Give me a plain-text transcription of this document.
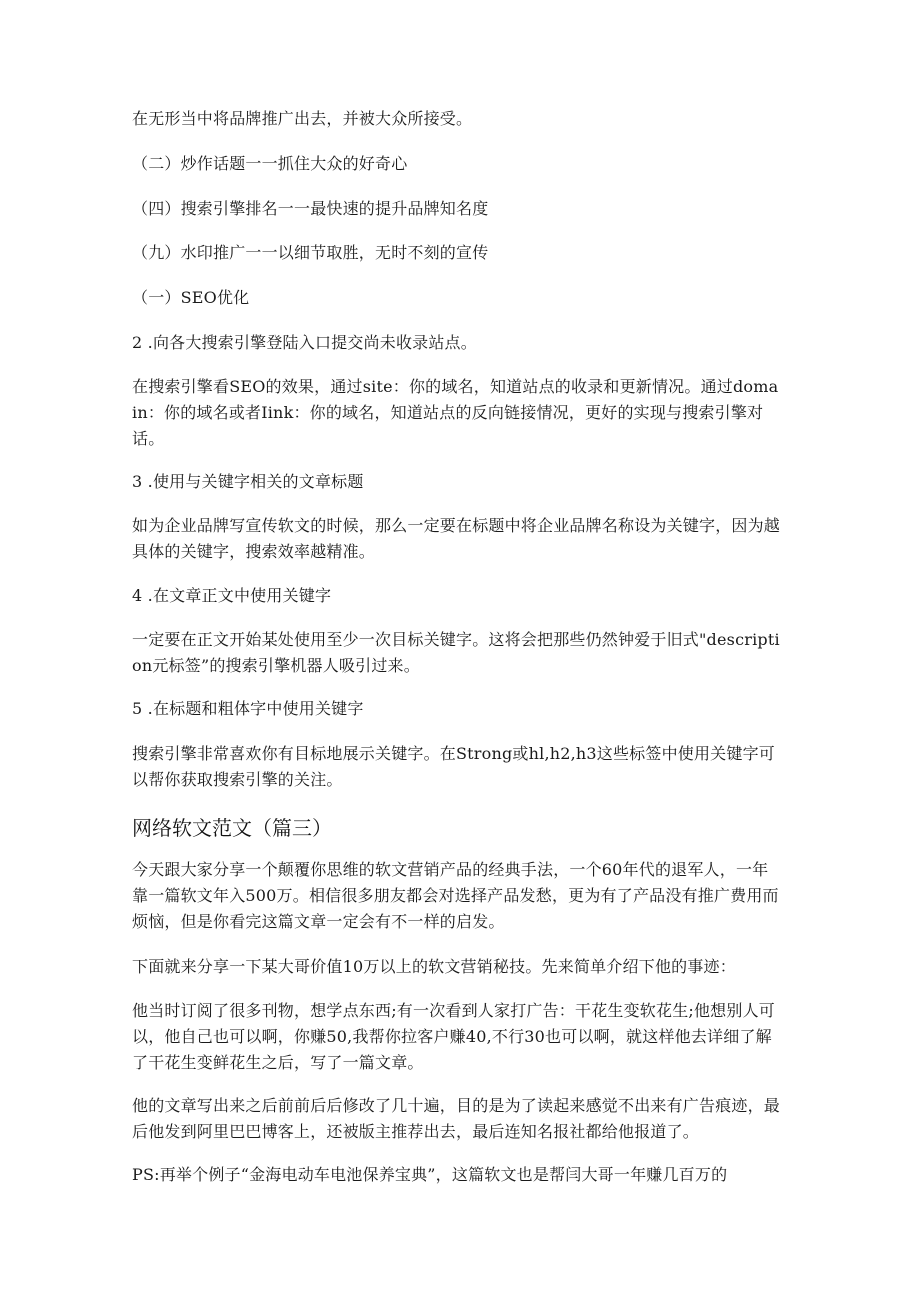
在无形当中将品牌推广出去，并被大众所接受。

（二）炒作话题一一抓住大众的好奇心

（四）搜索引擎排名一一最快速的提升品牌知名度

（九）水印推广一一以细节取胜，无时不刻的宣传

（一）SEO优化

2 .向各大搜索引擎登陆入口提交尚未收录站点。

在搜索引擎看SEO的效果，通过site：你的域名，知道站点的收录和更新情况。通过domain：你的域名或者Iink：你的域名，知道站点的反向链接情况，更好的实现与搜索引擎对话。

3 .使用与关键字相关的文章标题

如为企业品牌写宣传软文的时候，那么一定要在标题中将企业品牌名称设为关键字，因为越具体的关键字，搜索效率越精准。

4 .在文章正文中使用关键字

一定要在正文开始某处使用至少一次目标关键字。这将会把那些仍然钟爱于旧式"description元标签”的搜索引擎机器人吸引过来。

5 .在标题和粗体字中使用关键字

搜索引擎非常喜欢你有目标地展示关键字。在Strong或hl,h2,h3这些标签中使用关键字可以帮你获取搜索引擎的关注。

网络软文范文（篇三）

今天跟大家分享一个颠覆你思维的软文营销产品的经典手法，一个60年代的退军人，一年靠一篇软文年入500万。相信很多朋友都会对选择产品发愁，更为有了产品没有推广费用而烦恼，但是你看完这篇文章一定会有不一样的启发。

下面就来分享一下某大哥价值10万以上的软文营销秘技。先来简单介绍下他的事迹：

他当时订阅了很多刊物，想学点东西;有一次看到人家打广告：干花生变软花生;他想别人可以，他自己也可以啊，你赚50,我帮你拉客户赚40,不行30也可以啊，就这样他去详细了解了干花生变鲜花生之后，写了一篇文章。

他的文章写出来之后前前后后修改了几十遍，目的是为了读起来感觉不出来有广告痕迹，最后他发到阿里巴巴博客上，还被版主推荐出去，最后连知名报社都给他报道了。

PS:再举个例子“金海电动车电池保养宝典”，这篇软文也是帮闫大哥一年赚几百万的
